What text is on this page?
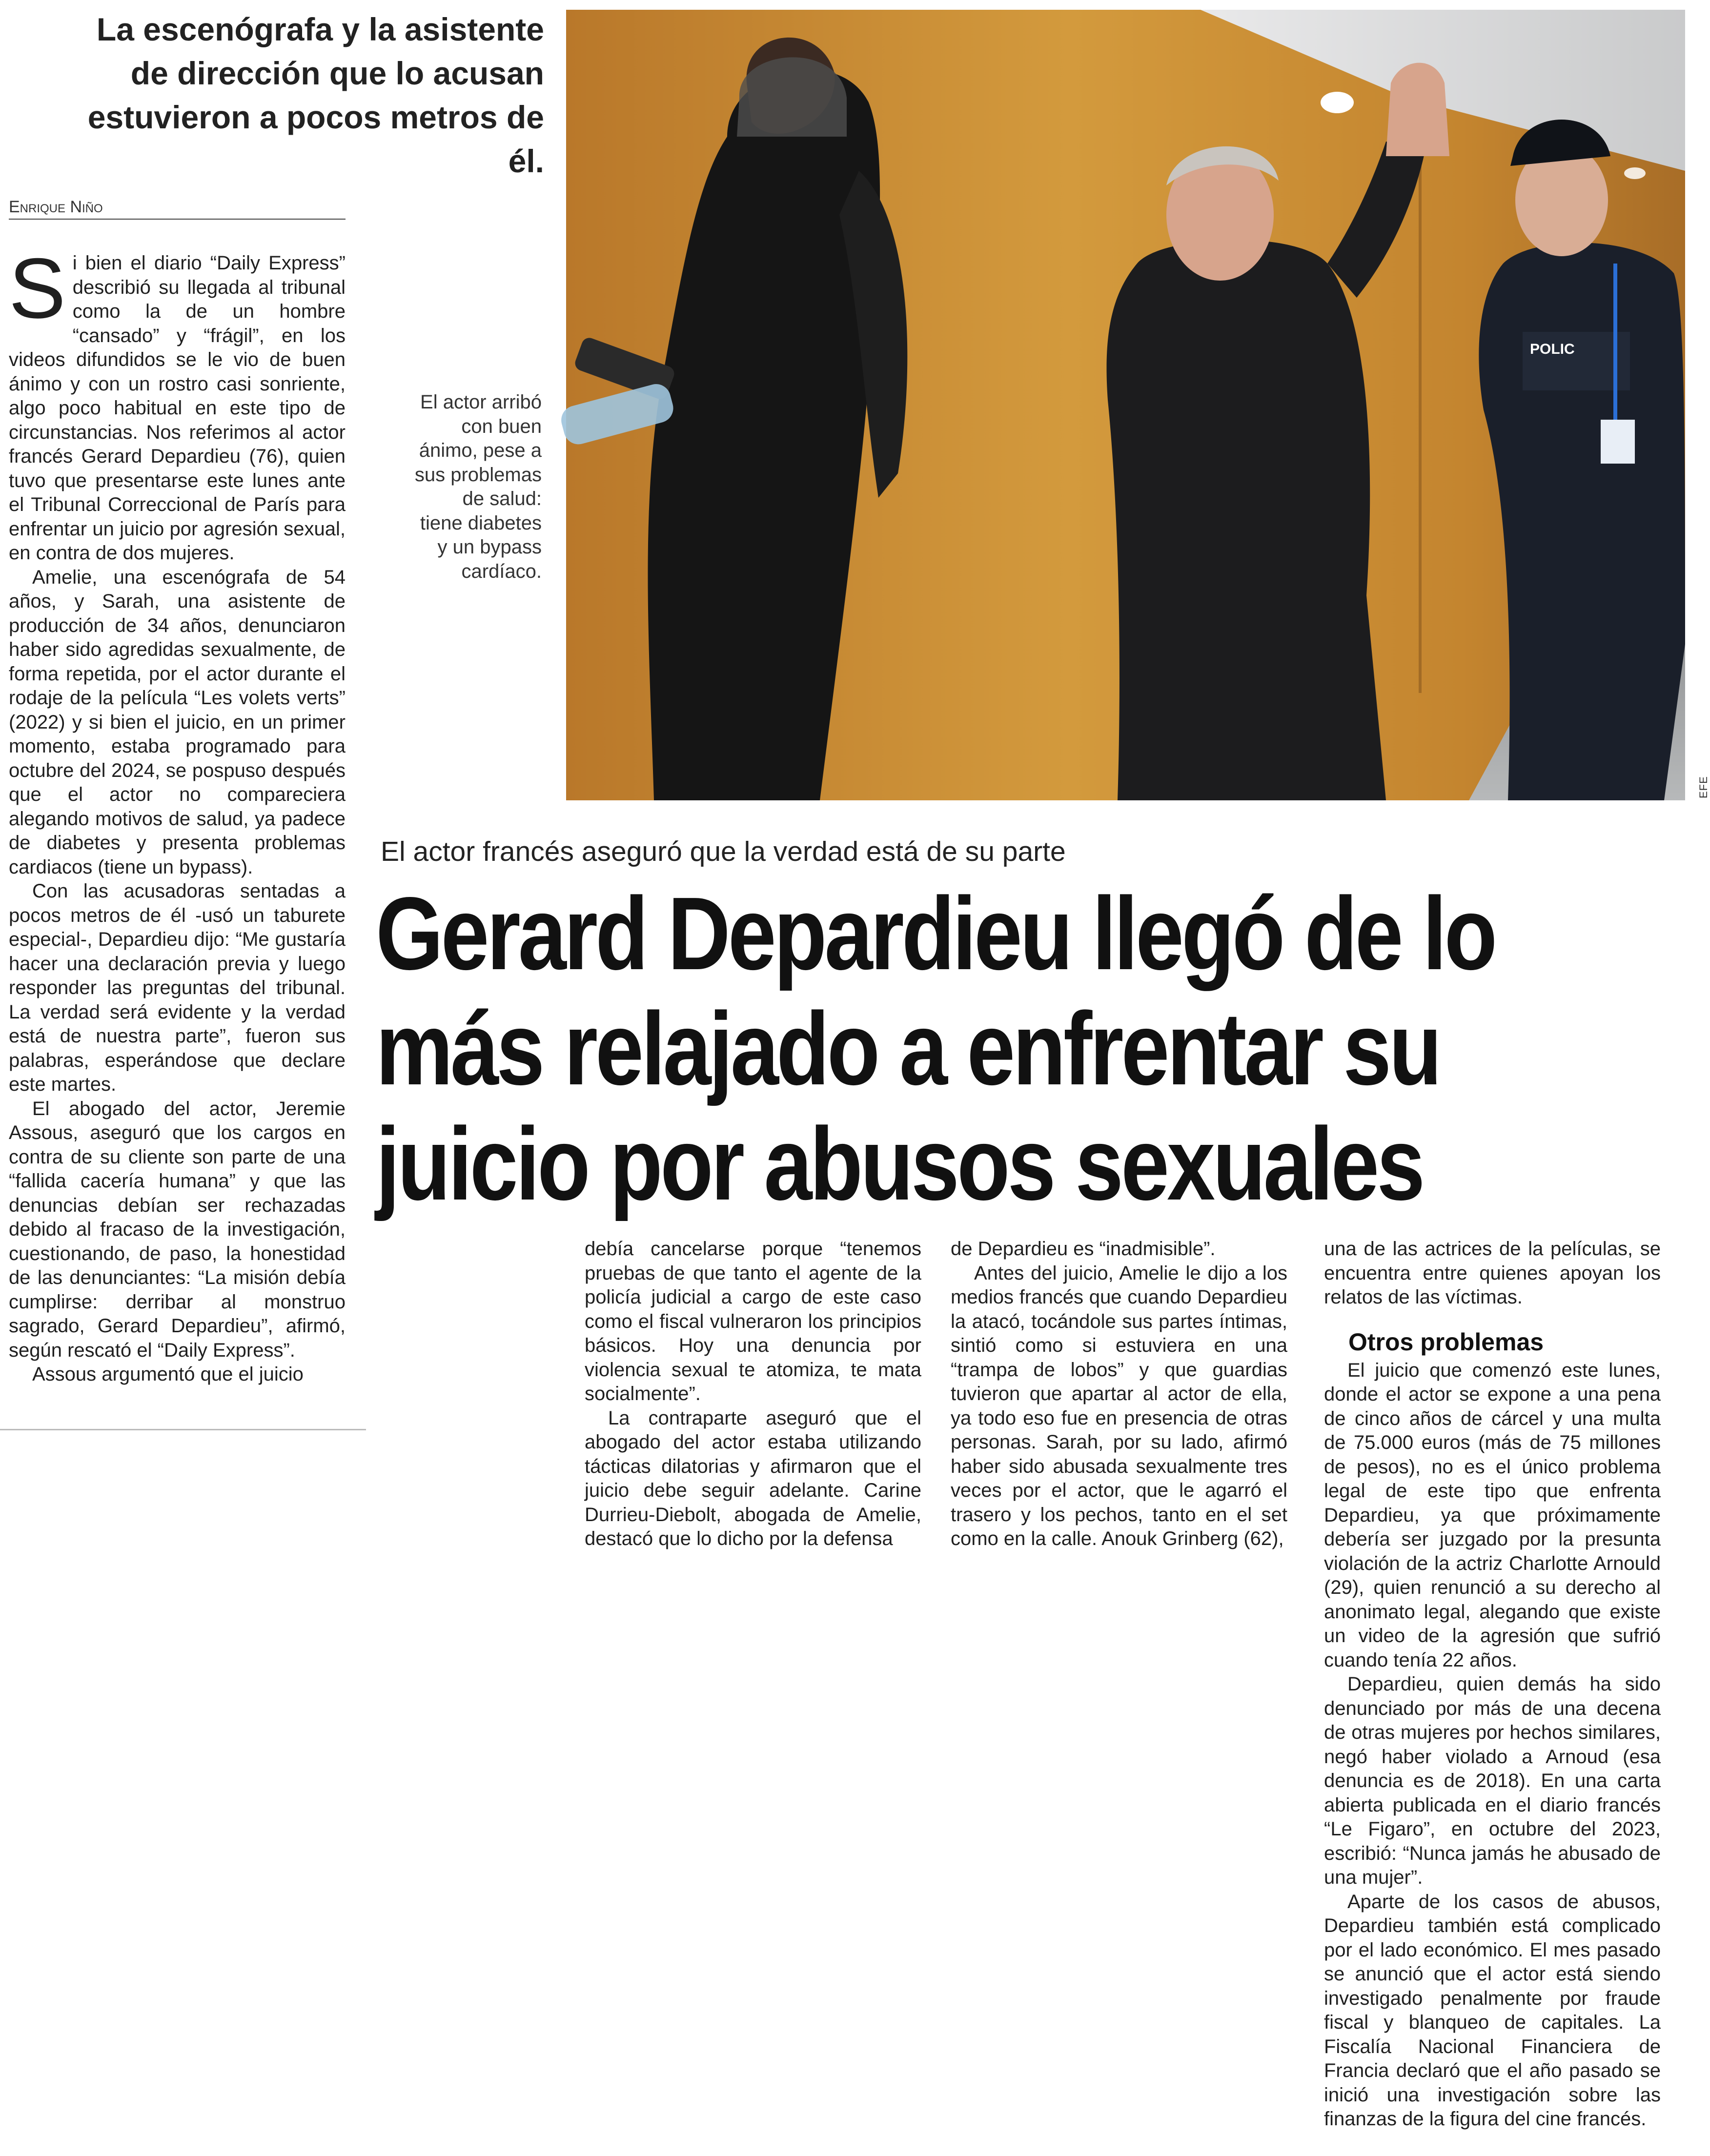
La escenógrafa y la asistente
de dirección que lo acusan
estuvieron a pocos metros de él.
Enrique Niño

Si bien el diario “Daily Express” describió su llegada al tribunal como la de un hombre “cansado” y “frágil”, en los videos difundidos se le vio de buen ánimo y con un rostro casi sonriente, algo poco habitual en este tipo de circunstancias. Nos referimos al actor francés Gerard Depardieu (76), quien tuvo que presentarse este lunes ante el Tribunal Correccional de París para enfrentar un juicio por agresión sexual, en contra de dos mujeres.

Amelie, una escenógrafa de 54 años, y Sarah, una asistente de producción de 34 años, denunciaron haber sido agredidas sexualmente, de forma repetida, por el actor durante el rodaje de la película “Les volets verts” (2022) y si bien el juicio, en un primer momento, estaba programado para octubre del 2024, se pospuso después que el actor no compareciera alegando motivos de salud, ya padece de diabetes y presenta problemas cardiacos (tiene un bypass).

Con las acusadoras sentadas a pocos metros de él -usó un taburete especial-, Depardieu dijo: “Me gustaría hacer una declaración previa y luego responder las preguntas del tribunal. La verdad será evidente y la verdad está de nuestra parte”, fueron sus palabras, esperándose que declare este martes.

El abogado del actor, Jeremie Assous, aseguró que los cargos en contra de su cliente son parte de una “fallida cacería humana” y que las denuncias debían ser rechazadas debido al fracaso de la investigación, cuestionando, de paso, la honestidad de las denunciantes: “La misión debía cumplirse: derribar al monstruo sagrado, Gerard Depardieu”, afirmó, según rescató el “Daily Express”.

Assous argumentó que el juicio

El actor arribó
con buen
ánimo, pese a
sus problemas
de salud:
tiene diabetes
y un bypass
cardíaco.
POLIC
EFE
El actor francés aseguró que la verdad está de su parte
Gerard Depardieu llegó de lo
más relajado a enfrentar su
juicio por abusos sexuales

debía cancelarse porque “tenemos pruebas de que tanto el agente de la policía judicial a cargo de este caso como el fiscal vulneraron los principios básicos. Hoy una denuncia por violencia sexual te atomiza, te mata socialmente”.

La contraparte aseguró que el abogado del actor estaba utilizando tácticas dilatorias y afirmaron que el juicio debe seguir adelante. Carine Durrieu-Diebolt, abogada de Amelie, destacó que lo dicho por la defensa

de Depardieu es “inadmisible”.

Antes del juicio, Amelie le dijo a los medios francés que cuando Depardieu la atacó, tocándole sus partes íntimas, sintió como si estuviera en una “trampa de lobos” y que guardias tuvieron que apartar al actor de ella, ya todo eso fue en presencia de otras personas. Sarah, por su lado, afirmó haber sido abusada sexualmente tres veces por el actor, que le agarró el trasero y los pechos, tanto en el set como en la calle. Anouk Grinberg (62),

una de las actrices de la películas, se encuentra entre quienes apoyan los relatos de las víctimas.

Otros problemas

El juicio que comenzó este lunes, donde el actor se expone a una pena de cinco años de cárcel y una multa de 75.000 euros (más de 75 millones de pesos), no es el único problema legal de este tipo que enfrenta Depardieu, ya que próximamente debería ser juzgado por la presunta violación de la actriz Charlotte Arnould (29), quien renunció a su derecho al anonimato legal, alegando que existe un video de la agresión que sufrió cuando tenía 22 años.

Depardieu, quien demás ha sido denunciado por más de una decena de otras mujeres por hechos similares, negó haber violado a Arnoud (esa denuncia es de 2018). En una carta abierta publicada en el diario francés “Le Figaro”, en octubre del 2023, escribió: “Nunca jamás he abusado de una mujer”.

Aparte de los casos de abusos, Depardieu también está complicado por el lado económico. El mes pasado se anunció que el actor está siendo investigado penalmente por fraude fiscal y blanqueo de capitales. La Fiscalía Nacional Financiera de Francia declaró que el año pasado se inició una investigación sobre las finanzas de la figura del cine francés.
